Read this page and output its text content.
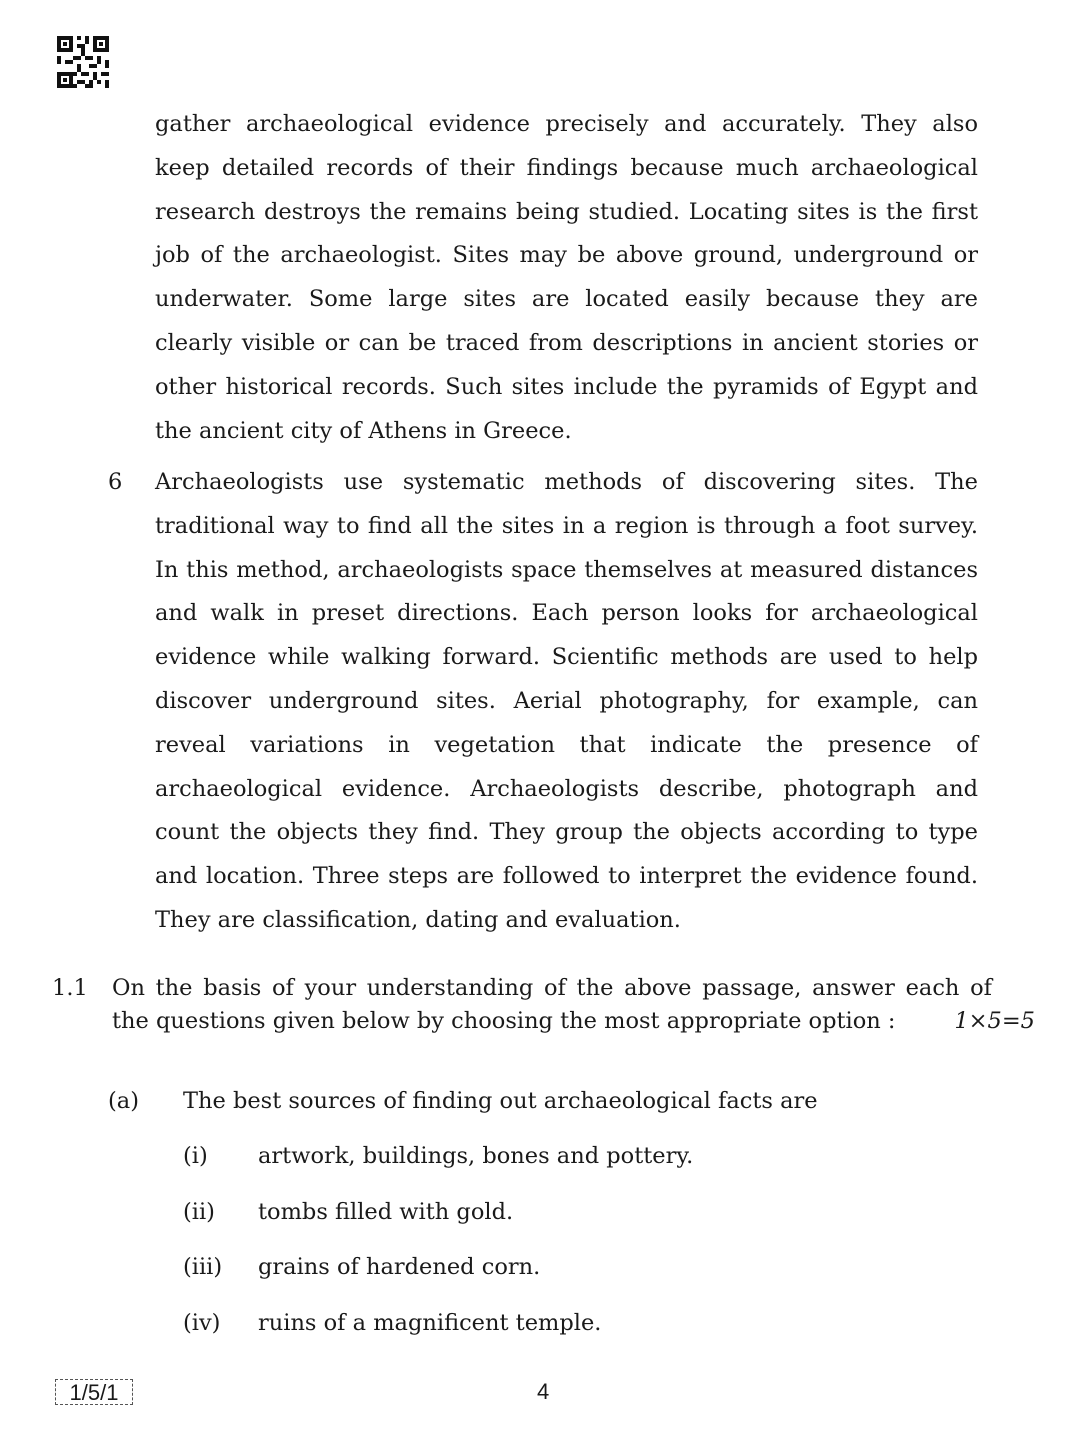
gather archaeological evidence precisely and accurately. They also keep detailed records of their findings because much archaeological research destroys the remains being studied. Locating sites is the first job of the archaeologist. Sites may be above ground, underground or underwater. Some large sites are located easily because they are clearly visible or can be traced from descriptions in ancient stories or other historical records. Such sites include the pyramids of Egypt and the ancient city of Athens in Greece.

6 Archaeologists use systematic methods of discovering sites. The traditional way to find all the sites in a region is through a foot survey. In this method, archaeologists space themselves at measured distances and walk in preset directions. Each person looks for archaeological evidence while walking forward. Scientific methods are used to help discover underground sites. Aerial photography, for example, can reveal variations in vegetation that indicate the presence of archaeological evidence. Archaeologists describe, photograph and count the objects they find. They group the objects according to type and location. Three steps are followed to interpret the evidence found. They are classification, dating and evaluation.

1.1 On the basis of your understanding of the above passage, answer each of the questions given below by choosing the most appropriate option :	1×5=5
(a) The best sources of finding out archaeological facts are
(i) artwork, buildings, bones and pottery.
(ii) tombs filled with gold.
(iii) grains of hardened corn.
(iv) ruins of a magnificent temple.
1/5/1	4
